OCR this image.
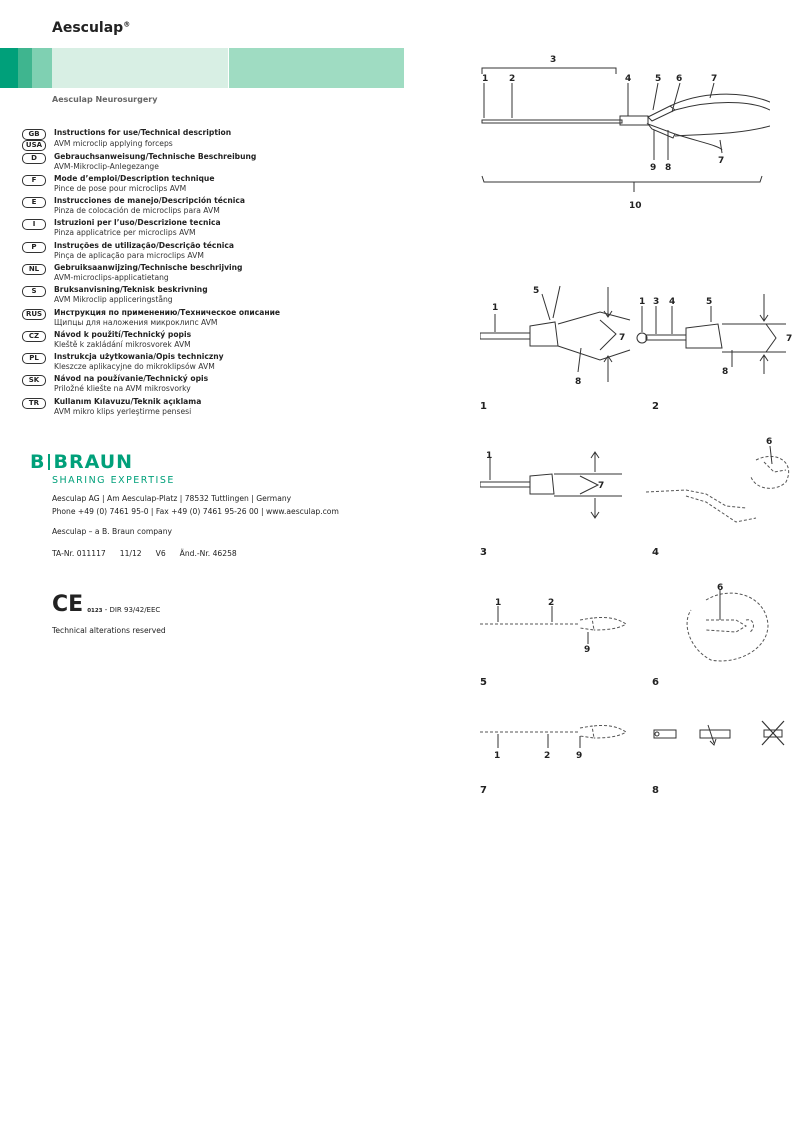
Aesculap®
Aesculap Neurosurgery
GB	Instructions for use/Technical description
USA	AVM microclip applying forceps
D	Gebrauchsanweisung/Technische Beschreibung
AVM-Mikroclip-Anlegezange
F	Mode d’emploi/Description technique
Pince de pose pour microclips AVM
E	Instrucciones de manejo/Descripción técnica
Pinza de colocación de microclips para AVM
I	Istruzioni per l’uso/Descrizione tecnica
Pinza applicatrice per microclips AVM
P	Instruções de utilização/Descrição técnica
Pinça de aplicação para microclips AVM
NL	Gebruiksaanwijzing/Technische beschrijving
AVM-microclips-applicatietang
S	Bruksanvisning/Teknisk beskrivning
AVM Mikroclip appliceringstång
RUS	Инструкция по применению/Техническое описание
Щипцы для наложения микроклипс AVM
CZ	Návod k použití/Technický popis
Kleště k zakládání mikrosvorek AVM
PL	Instrukcja użytkowania/Opis techniczny
Kleszcze aplikacyjne do mikroklipsów AVM
SK	Návod na používanie/Technický opis
Priložné kliešte na AVM mikrosvorky
TR	Kullanım Kılavuzu/Teknik açıklama
AVM mikro klips yerleştirme pensesi
B BRAUN
SHARING EXPERTISE
Aesculap AG | Am Aesculap-Platz | 78532 Tuttlingen | Germany
Phone +49 (0) 7461 95-0 | Fax +49 (0) 7461 95-26 00 | www.aesculap.com
Aesculap – a B. Braun company
TA-Nr. 011117 11/12 V6 Änd.-Nr. 46258
CE 0123 - DIR 93/42/EEC
Technical alterations reserved
3
1 2	4	5 6	7
9 8
7
10
1
5
7
8
1
1 3 4	5
7
8
2
1
7
3
6
4
1	2
9
5
6
6
1	2	9
7	8
